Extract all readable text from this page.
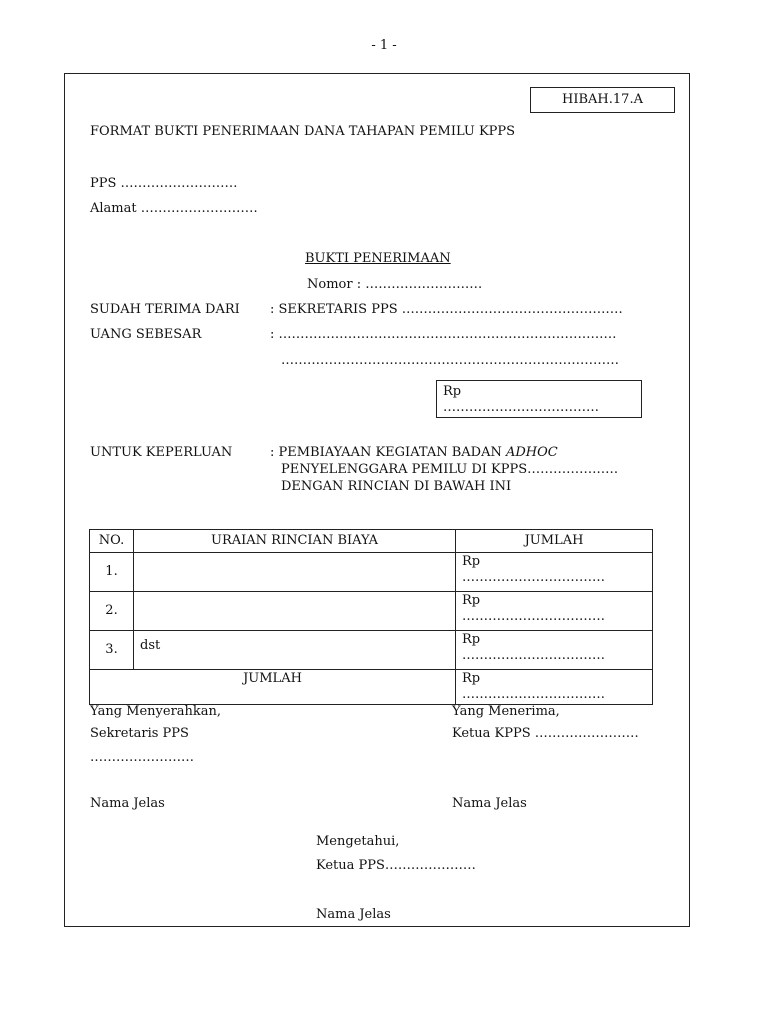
- 1 -
HIBAH.17.A
FORMAT BUKTI PENERIMAAN DANA TAHAPAN PEMILU KPPS
PPS ………………………
Alamat ………………………
BUKTI PENERIMAAN
Nomor : ………………………
SUDAH TERIMA DARI : SEKRETARIS PPS ……………………………………………
UANG SEBESAR	: ……………………………………………………………………
……………………………………………………………………
Rp
………………………………
UNTUK KEPERLUAN	: PEMBIAYAAN KEGIATAN BADAN ADHOC
PENYELENGGARA PEMILU DI KPPS…………………
DENGAN RINCIAN DI BAWAH INI
NO.	URAIAN RINCIAN BIAYA	JUMLAH
1.		Rp
……………………………

2.		Rp
……………………………

3.	dst	Rp
……………………………

JUMLAH		Rp
……………………………
Yang Menyerahkan,
Sekretaris PPS
……………………
Nama Jelas
Yang Menerima,
Ketua KPPS ……………………
Nama Jelas
Mengetahui,
Ketua PPS…………………
Nama Jelas
